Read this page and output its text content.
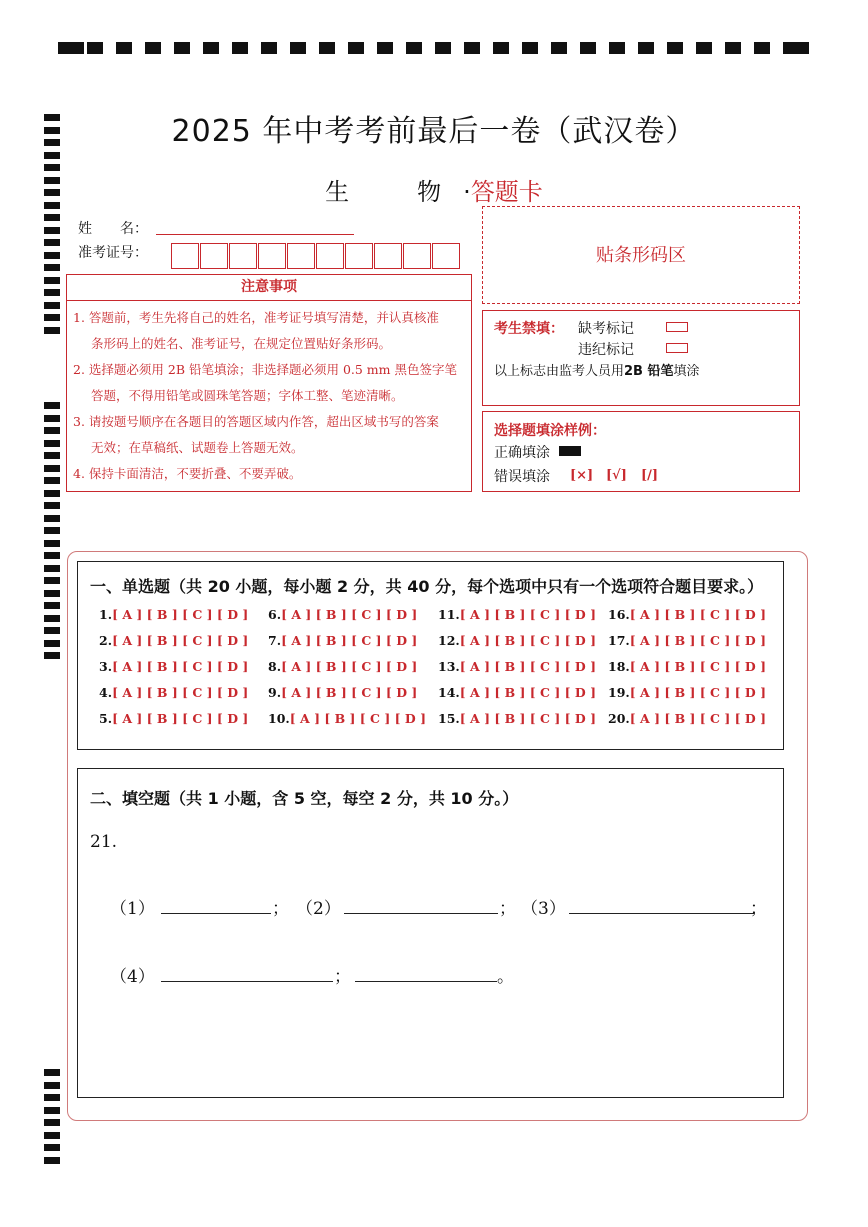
2025 年中考考前最后一卷（武汉卷）
生　物·答题卡
姓　　名：
准考证号：	贴条形码区
注意事项
1. 答题前，考生先将自己的姓名，准考证号填写清楚，并认真核准
条形码上的姓名、准考证号，在规定位置贴好条形码。
2. 选择题必须用 2B 铅笔填涂；非选择题必须用 0.5 mm 黑色签字笔
答题，不得用铅笔或圆珠笔答题；字体工整、笔迹清晰。
3. 请按题号顺序在各题目的答题区域内作答，超出区域书写的答案
无效；在草稿纸、试题卷上答题无效。
4. 保持卡面清洁，不要折叠、不要弄破。
考生禁填： 缺考标记
违纪标记
以上标志由监考人员用2B 铅笔填涂
选择题填涂样例：
正确填涂
错误填涂 [×] [√] [/]
一、单选题（共 20 小题，每小题 2 分，共 40 分，每个选项中只有一个选项符合题目要求。）
1.[ A ] [ B ] [ C ] [ D ]
2.[ A ] [ B ] [ C ] [ D ]
3.[ A ] [ B ] [ C ] [ D ]
4.[ A ] [ B ] [ C ] [ D ]
5.[ A ] [ B ] [ C ] [ D ]
6.[ A ] [ B ] [ C ] [ D ]
7.[ A ] [ B ] [ C ] [ D ]
8.[ A ] [ B ] [ C ] [ D ]
9.[ A ] [ B ] [ C ] [ D ]
10.[ A ] [ B ] [ C ] [ D ]
11.[ A ] [ B ] [ C ] [ D ]
12.[ A ] [ B ] [ C ] [ D ]
13.[ A ] [ B ] [ C ] [ D ]
14.[ A ] [ B ] [ C ] [ D ]
15.[ A ] [ B ] [ C ] [ D ]
16.[ A ] [ B ] [ C ] [ D ]
17.[ A ] [ B ] [ C ] [ D ]
18.[ A ] [ B ] [ C ] [ D ]
19.[ A ] [ B ] [ C ] [ D ]
20.[ A ] [ B ] [ C ] [ D ]
二、填空题（共 1 小题，含 5 空，每空 2 分，共 10 分。）
21.
（1）	； （2）	； （3）	；
（4）	；	。
